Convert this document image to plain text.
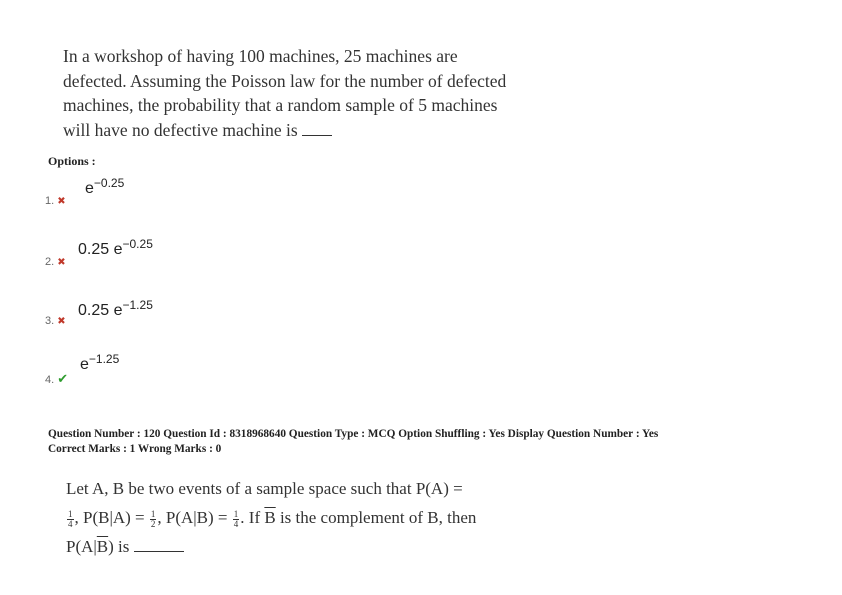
In a workshop of having 100 machines, 25 machines are
defected. Assuming the Poisson law for the number of defected
machines, the probability that a random sample of 5 machines
will have no defective machine is
Options :
$e^{-0.25}$
1. ✖
0.25 $e^{-0.25}$
2. ✖
0.25 $e^{-1.25}$
3. ✖
$e^{-1.25}$
4. ✔
Question Number : 120 Question Id : 8318968640 Question Type : MCQ Option Shuffling : Yes Display Question Number : Yes
Correct Marks : 1 Wrong Marks : 0
Let A, B be two events of a sample space such that P(A) =
$\frac{1}{4}$ , $P(B|A) = \frac{1}{2}$ , $P(A|B) = \frac{1}{4}$ . If $\overline{B}$ is the complement of B, then
$P(A|\overline{B})$ is
